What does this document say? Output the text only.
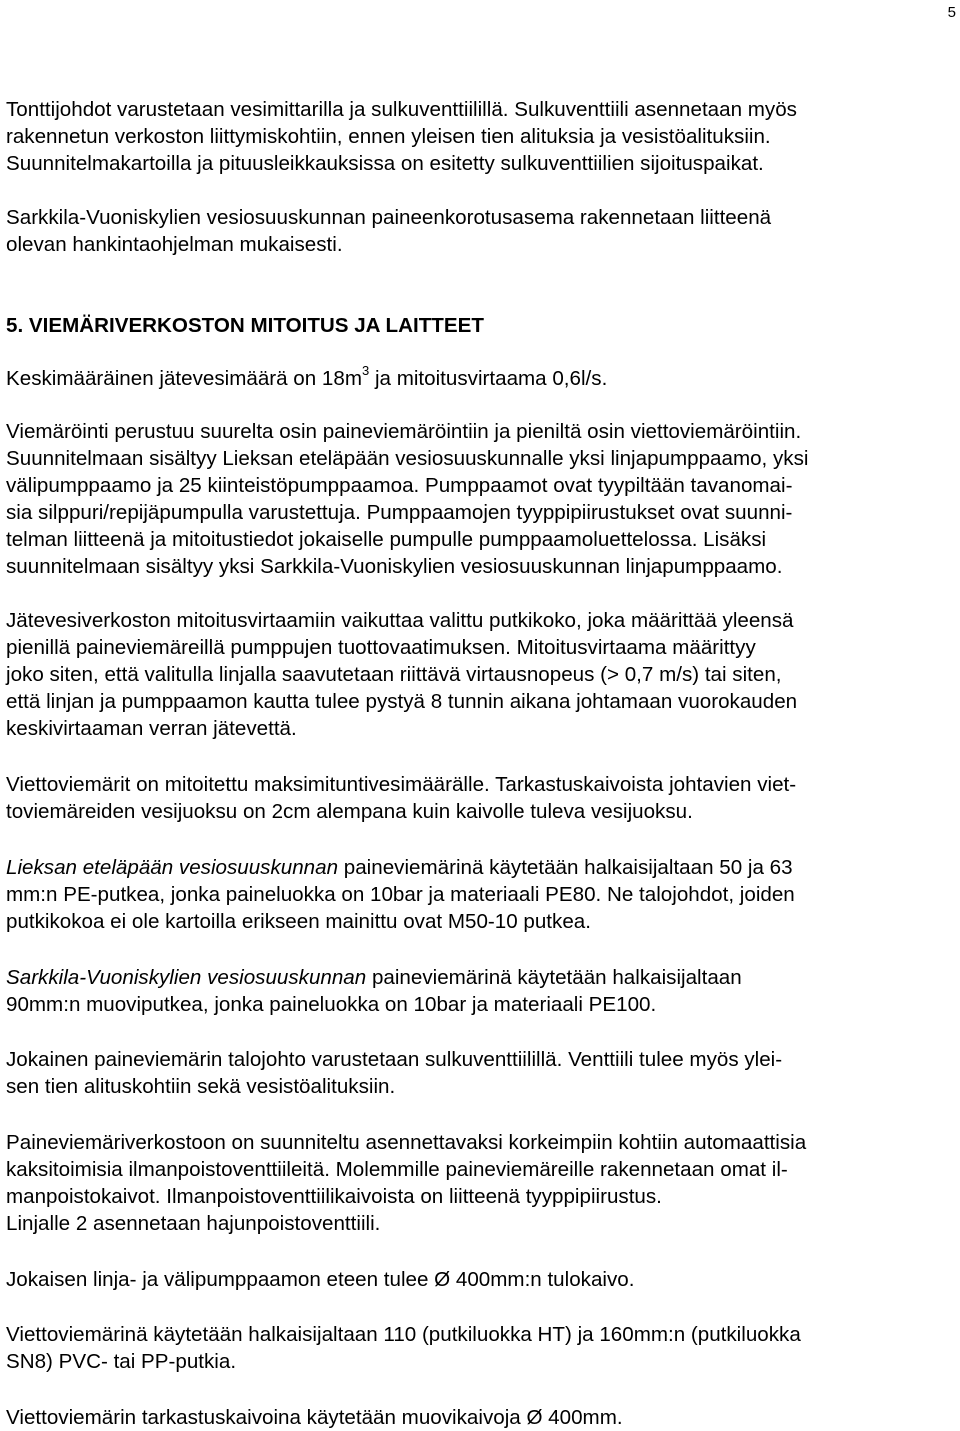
5
Tonttijohdot varustetaan vesimittarilla ja sulkuventtiilillä. Sulkuventtiili asennetaan myös
rakennetun verkoston liittymiskohtiin, ennen yleisen tien alituksia ja vesistöalituksiin.
Suunnitelmakartoilla ja pituusleikkauksissa on esitetty sulkuventtiilien sijoituspaikat.
Sarkkila-Vuoniskylien vesiosuuskunnan paineenkorotusasema rakennetaan liitteenä
olevan hankintaohjelman mukaisesti.
5. VIEMÄRIVERKOSTON MITOITUS JA LAITTEET
Keskimääräinen jätevesimäärä on $18m^3$ ja mitoitusvirtaama 0,6l/s.
Viemäröinti perustuu suurelta osin paineviemäröintiin ja pieniltä osin viettoviemäröintiin.
Suunnitelmaan sisältyy Lieksan eteläpään vesiosuuskunnalle yksi linjapumppaamo, yksi
välipumppaamo ja 25 kiinteistöpumppaamoa. Pumppaamot ovat tyypiltään tavanomai-
sia silppuri/repijäpumpulla varustettuja. Pumppaamojen tyyppipiirustukset ovat suunni-
telman liitteenä ja mitoitustiedot jokaiselle pumpulle pumppaamoluettelossa. Lisäksi
suunnitelmaan sisältyy yksi Sarkkila-Vuoniskylien vesiosuuskunnan linjapumppaamo.
Jätevesiverkoston mitoitusvirtaamiin vaikuttaa valittu putkikoko, joka määrittää yleensä
pienillä paineviemäreillä pumppujen tuottovaatimuksen. Mitoitusvirtaama määrittyy
joko siten, että valitulla linjalla saavutetaan riittävä virtausnopeus (> 0,7 m/s) tai siten,
että linjan ja pumppaamon kautta tulee pystyä 8 tunnin aikana johtamaan vuorokauden
keskivirtaaman verran jätevettä.
Viettoviemärit on mitoitettu maksimituntivesimäärälle. Tarkastuskaivoista johtavien viet-
toviemäreiden vesijuoksu on 2cm alempana kuin kaivolle tuleva vesijuoksu.
Lieksan eteläpään vesiosuuskunnan paineviemärinä käytetään halkaisijaltaan 50 ja 63
mm:n PE-putkea, jonka paineluokka on 10bar ja materiaali PE80. Ne talojohdot, joiden
putkikokoa ei ole kartoilla erikseen mainittu ovat M50-10 putkea.
Sarkkila-Vuoniskylien vesiosuuskunnan paineviemärinä käytetään halkaisijaltaan
90mm:n muoviputkea, jonka paineluokka on 10bar ja materiaali PE100.
Jokainen paineviemärin talojohto varustetaan sulkuventtiilillä. Venttiili tulee myös ylei-
sen tien alituskohtiin sekä vesistöalituksiin.
Paineviemäriverkostoon on suunniteltu asennettavaksi korkeimpiin kohtiin automaattisia
kaksitoimisia ilmanpoistoventtiileitä. Molemmille paineviemäreille rakennetaan omat il-
manpoistokaivot. Ilmanpoistoventtiilikaivoista on liitteenä tyyppipiirustus.
Linjalle 2 asennetaan hajunpoistoventtiili.
Jokaisen linja- ja välipumppaamon eteen tulee Ø 400mm:n tulokaivo.
Viettoviemärinä käytetään halkaisijaltaan 110 (putkiluokka HT) ja 160mm:n (putkiluokka
SN8) PVC- tai PP-putkia.
Viettoviemärin tarkastuskaivoina käytetään muovikaivoja Ø 400mm.
